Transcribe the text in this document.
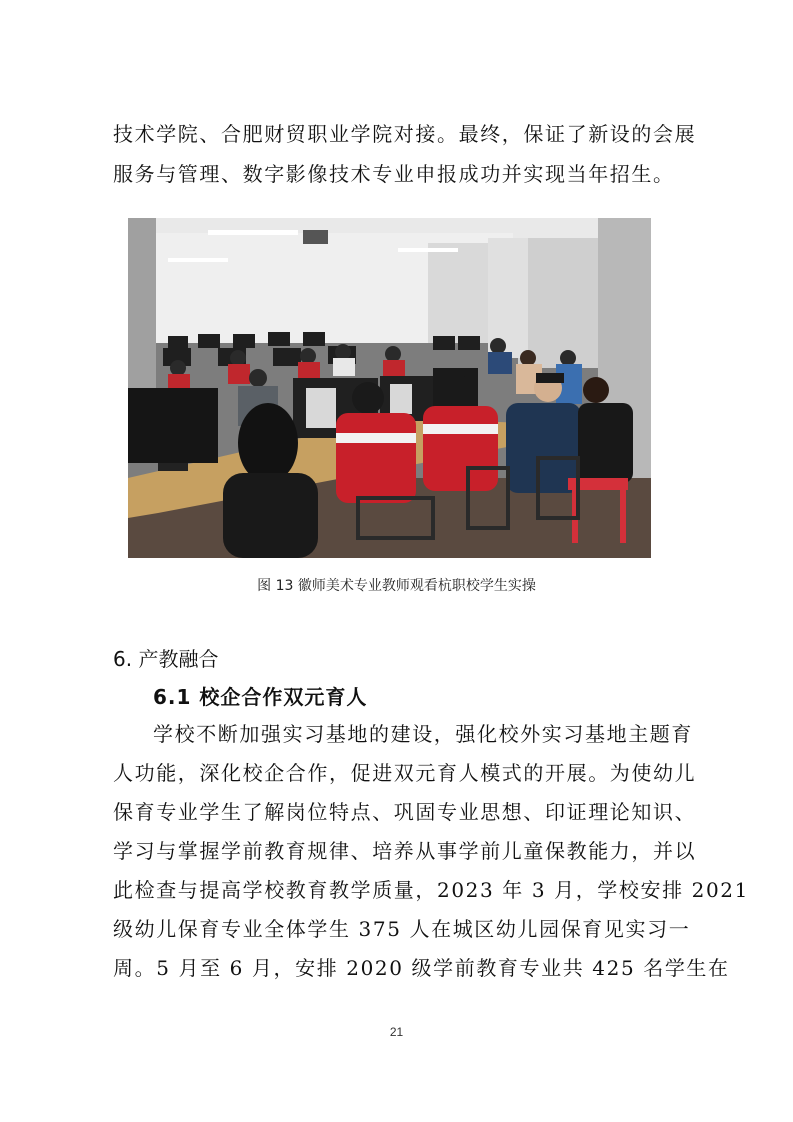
技术学院、合肥财贸职业学院对接。最终，保证了新设的会展
服务与管理、数字影像技术专业申报成功并实现当年招生。
图 13 徽师美术专业教师观看杭职校学生实操
6. 产教融合
6.1 校企合作双元育人
学校不断加强实习基地的建设，强化校外实习基地主题育
人功能，深化校企合作，促进双元育人模式的开展。为使幼儿
保育专业学生了解岗位特点、巩固专业思想、印证理论知识、
学习与掌握学前教育规律、培养从事学前儿童保教能力，并以
此检查与提高学校教育教学质量，2023 年 3 月，学校安排 2021
级幼儿保育专业全体学生 375 人在城区幼儿园保育见实习一
周。5 月至 6 月，安排 2020 级学前教育专业共 425 名学生在
21
